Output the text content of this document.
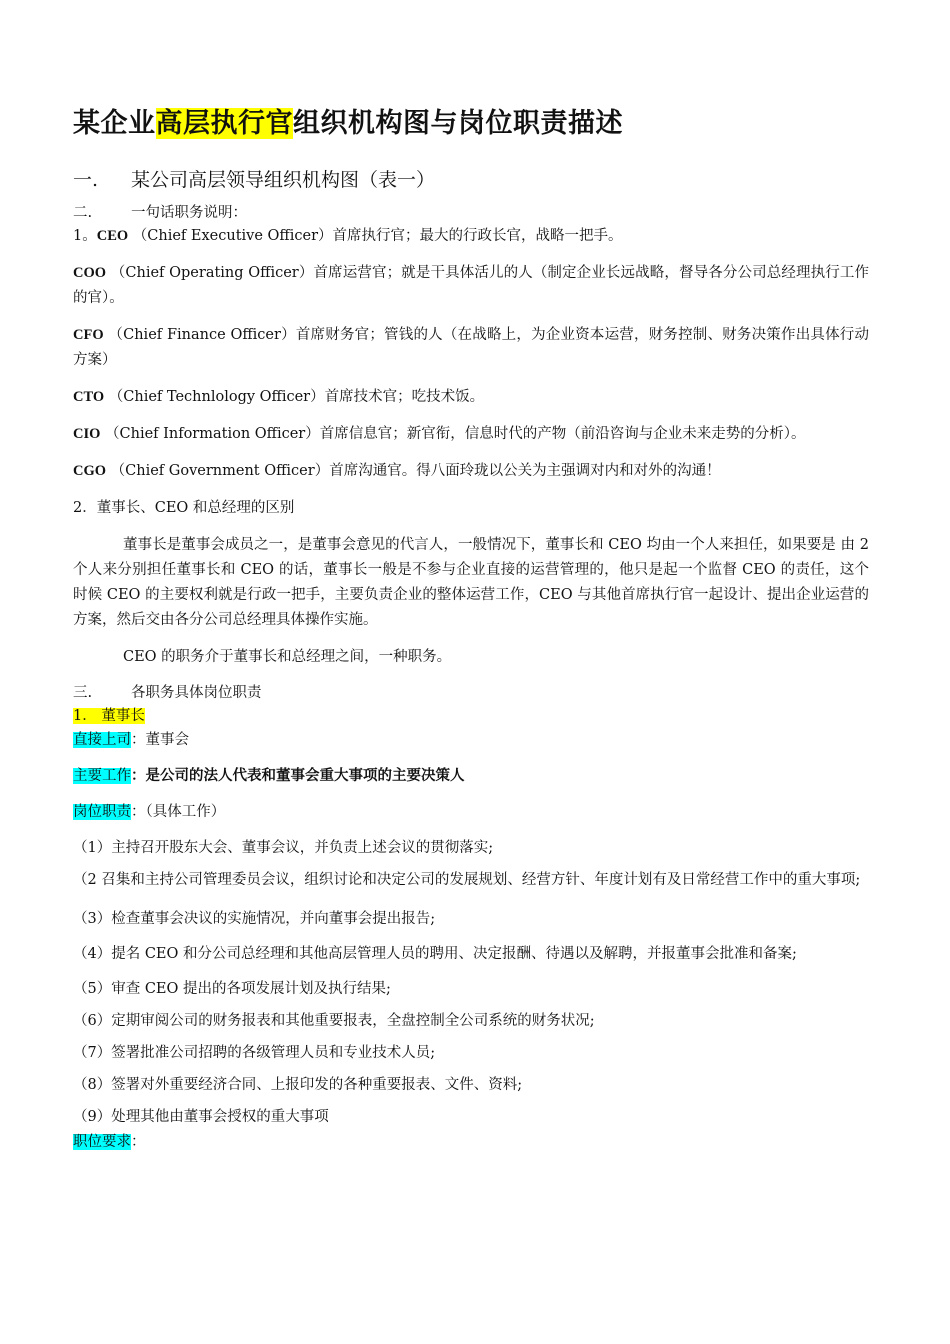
某企业高层执行官组织机构图与岗位职责描述
一. 某公司高层领导组织机构图（表一）
二.	一句话职务说明：

1。CEO （Chief Executive Officer）首席执行官；最大的行政长官，战略一把手。

COO （Chief Operating Officer）首席运营官；就是干具体活儿的人（制定企业长远战略，督导各分公司总经理执行工作的官）。

CFO （Chief Finance Officer）首席财务官；管钱的人（在战略上，为企业资本运营，财务控制、财务决策作出具体行动方案）

CTO （Chief Technlology Officer）首席技术官；吃技术饭。

CIO （Chief Information Officer）首席信息官；新官衔，信息时代的产物（前沿咨询与企业未来走势的分析）。

CGO （Chief Government Officer）首席沟通官。得八面玲珑以公关为主强调对内和对外的沟通！

2．董事长、CEO 和总经理的区别

董事长是董事会成员之一，是董事会意见的代言人，一般情况下，董事长和 CEO 均由一个人来担任，如果要是 由 2 个人来分别担任董事长和 CEO 的话，董事长一般是不参与企业直接的运营管理的，他只是起一个监督 CEO 的责任，这个时候 CEO 的主要权利就是行政一把手，主要负责企业的整体运营工作，CEO 与其他首席执行官一起设计、提出企业运营的方案，然后交由各分公司总经理具体操作实施。

CEO 的职务介于董事长和总经理之间，一种职务。

三.	各职务具体岗位职责
1． 董事长
直接上司：董事会
主要工作：是公司的法人代表和董事会重大事项的主要决策人
岗位职责：（具体工作）

（1）主持召开股东大会、董事会议，并负责上述会议的贯彻落实;

（2 召集和主持公司管理委员会议，组织讨论和决定公司的发展规划、经营方针、年度计划有及日常经营工作中的重大事项;

（3）检查董事会决议的实施情况，并向董事会提出报告;

（4）提名 CEO 和分公司总经理和其他高层管理人员的聘用、决定报酬、待遇以及解聘，并报董事会批准和备案;

（5）审查 CEO 提出的各项发展计划及执行结果;

（6）定期审阅公司的财务报表和其他重要报表，全盘控制全公司系统的财务状况;

（7）签署批准公司招聘的各级管理人员和专业技术人员;

（8）签署对外重要经济合同、上报印发的各种重要报表、文件、资料;

（9）处理其他由董事会授权的重大事项

职位要求：
